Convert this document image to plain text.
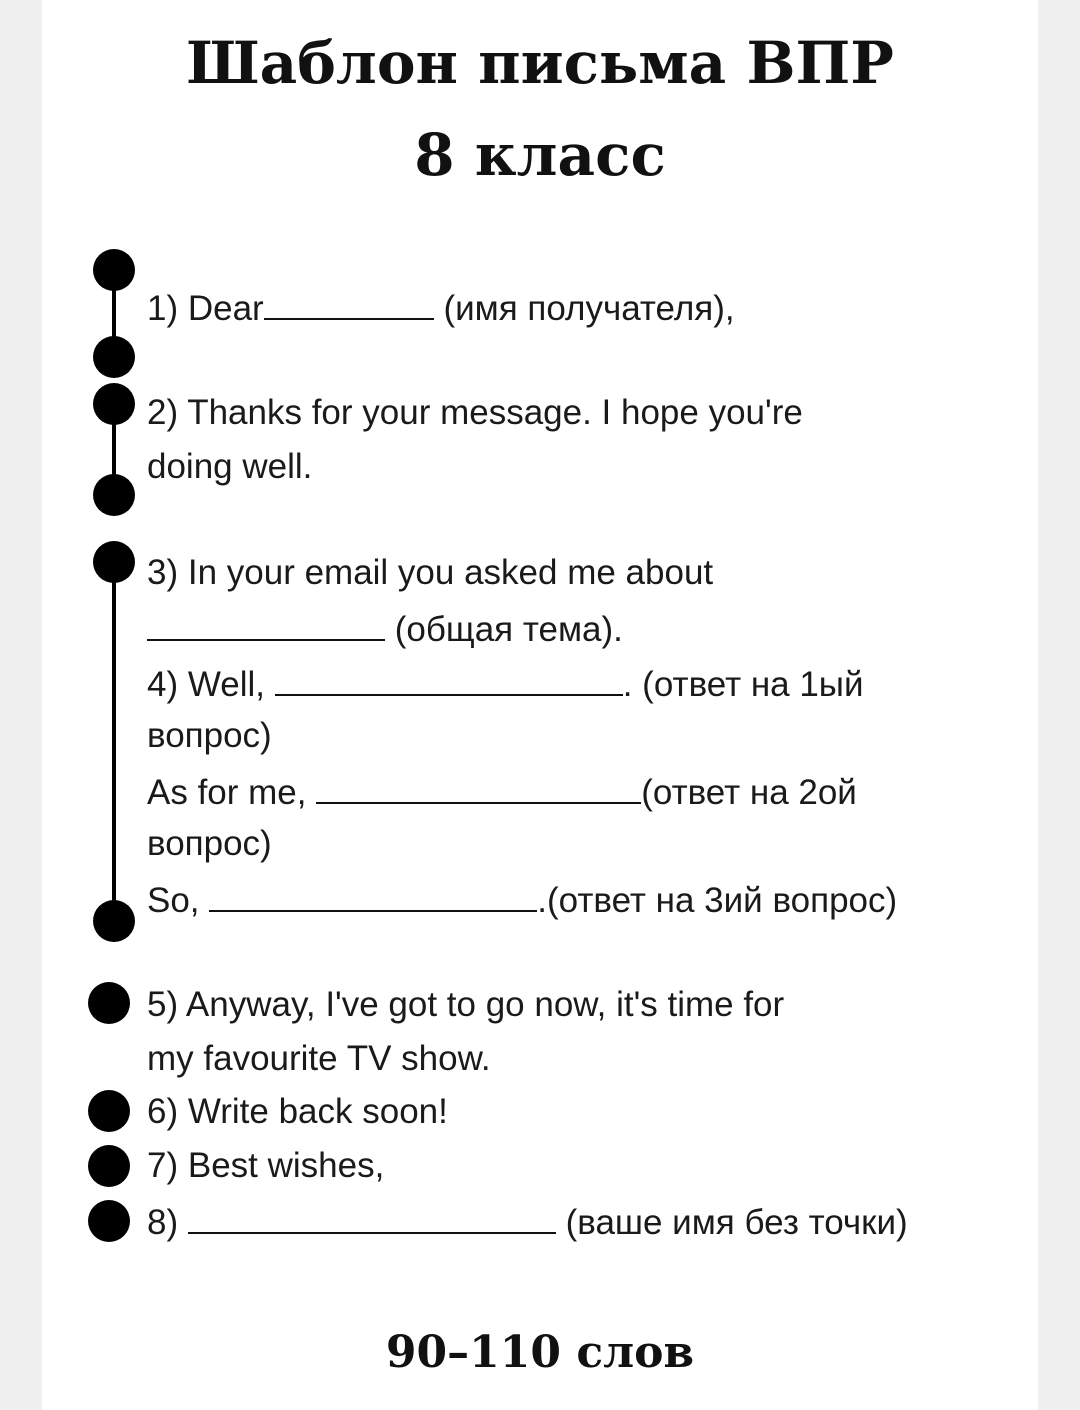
Шаблон письма ВПР
8 класс
1) Dear	(имя получателя),
2) Thanks for your message. I hope you're
doing well.
3) In your email you asked me about
(общая тема).
4) Well,	. (ответ на 1ый
вопрос)
As for me,	(ответ на 2ой
вопрос)
So,	.(ответ на 3ий вопрос)
5) Anyway, I've got to go now, it's time for
my favourite TV show.
6) Write back soon!
7) Best wishes,
8)	(ваше имя без точки)
90–110 слов
